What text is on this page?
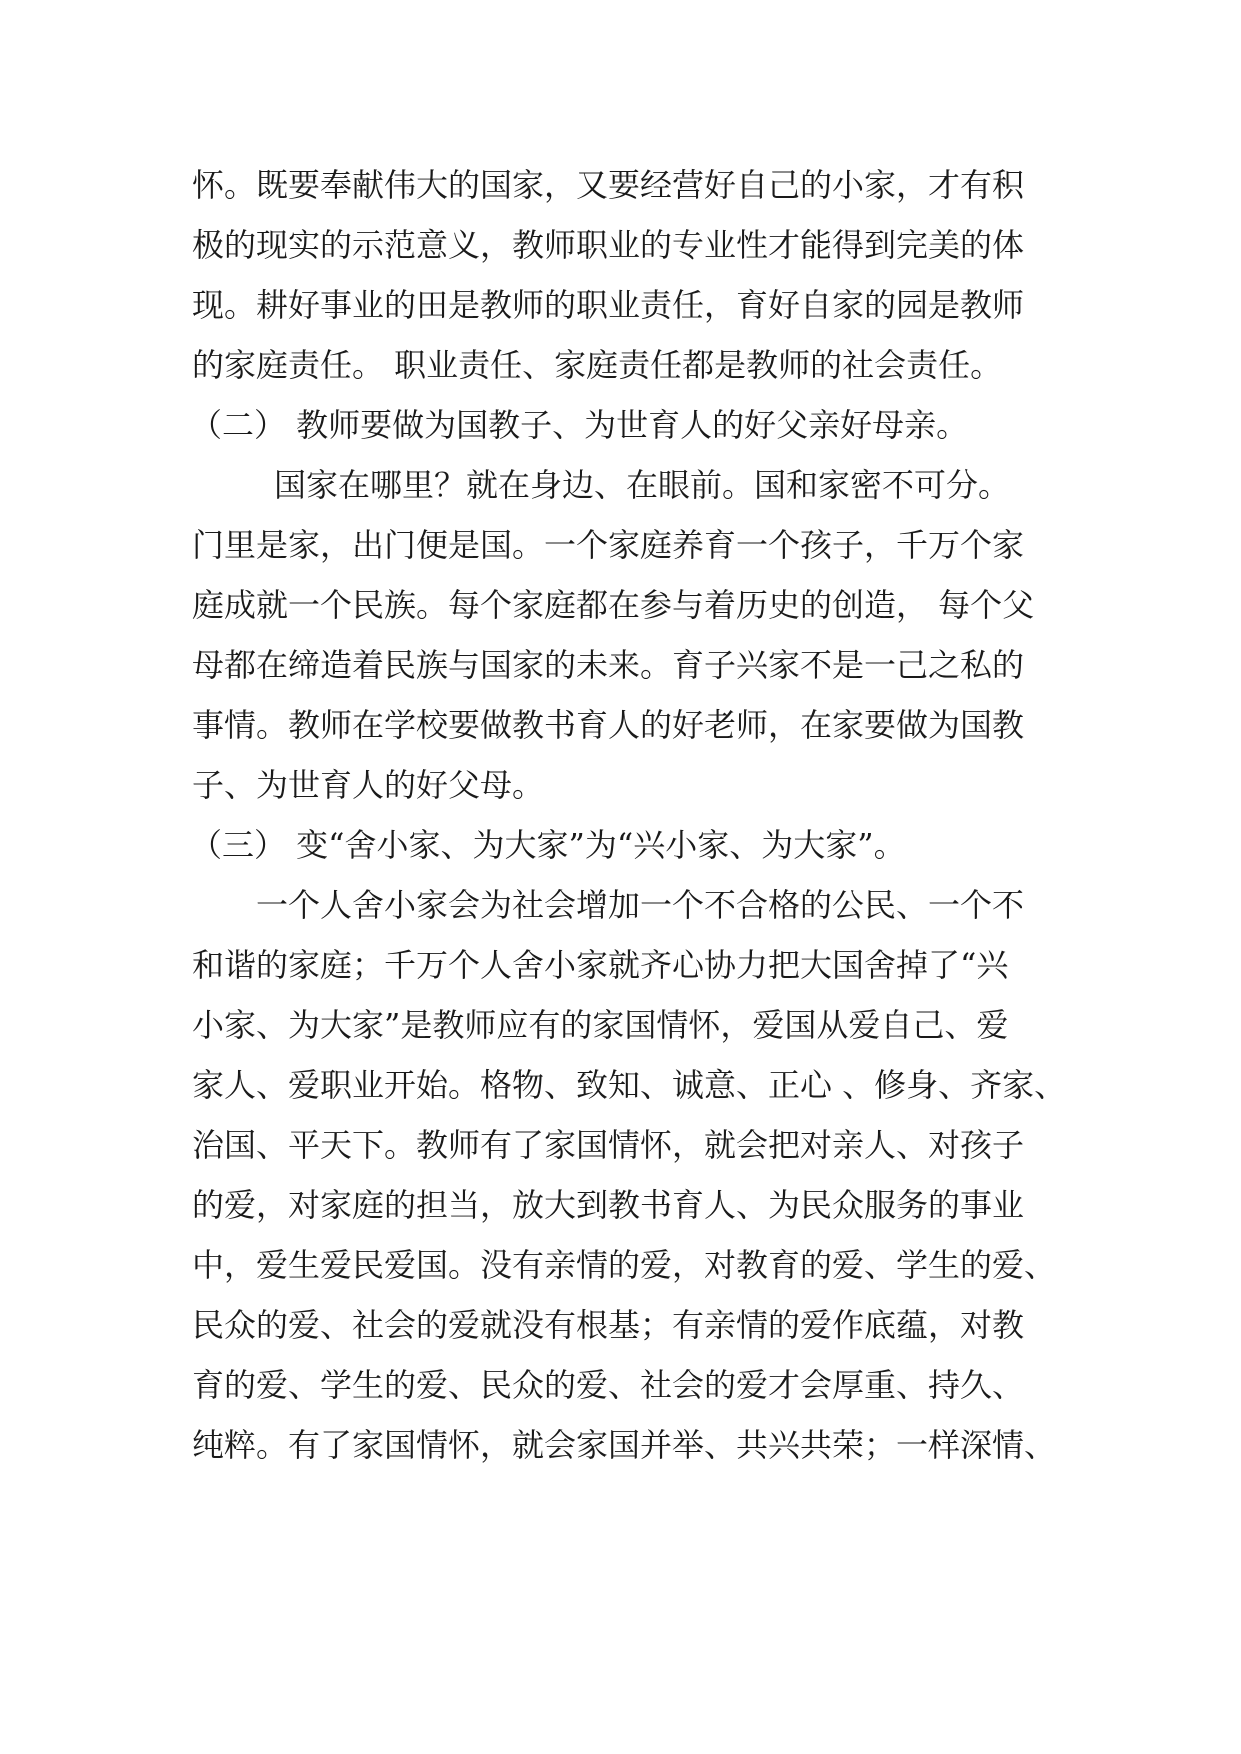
怀。既要奉献伟大的国家，又要经营好自己的小家，才有积
极的现实的示范意义，教师职业的专业性才能得到完美的体
现。耕好事业的田是教师的职业责任，育好自家的园是教师
的家庭责任。 职业责任、家庭责任都是教师的社会责任。
（二） 教师要做为国教子、为世育人的好父亲好母亲。
国家在哪里？就在身边、在眼前。国和家密不可分。
门里是家，出门便是国。一个家庭养育一个孩子，千万个家
庭成就一个民族。每个家庭都在参与着历史的创造， 每个父
母都在缔造着民族与国家的未来。育子兴家不是一己之私的
事情。教师在学校要做教书育人的好老师，在家要做为国教
子、为世育人的好父母。
（三） 变“舍小家、为大家”为“兴小家、为大家”。
一个人舍小家会为社会增加一个不合格的公民、一个不
和谐的家庭；千万个人舍小家就齐心协力把大国舍掉了“兴
小家、为大家”是教师应有的家国情怀，爱国从爱自己、爱
家人、爱职业开始。格物、致知、诚意、正心 、修身、齐家、
治国、平天下。教师有了家国情怀，就会把对亲人、对孩子
的爱，对家庭的担当，放大到教书育人、为民众服务的事业
中，爱生爱民爱国。没有亲情的爱，对教育的爱、学生的爱、
民众的爱、社会的爱就没有根基；有亲情的爱作底蕴，对教
育的爱、学生的爱、民众的爱、社会的爱才会厚重、持久、
纯粹。有了家国情怀，就会家国并举、共兴共荣；一样深情、
